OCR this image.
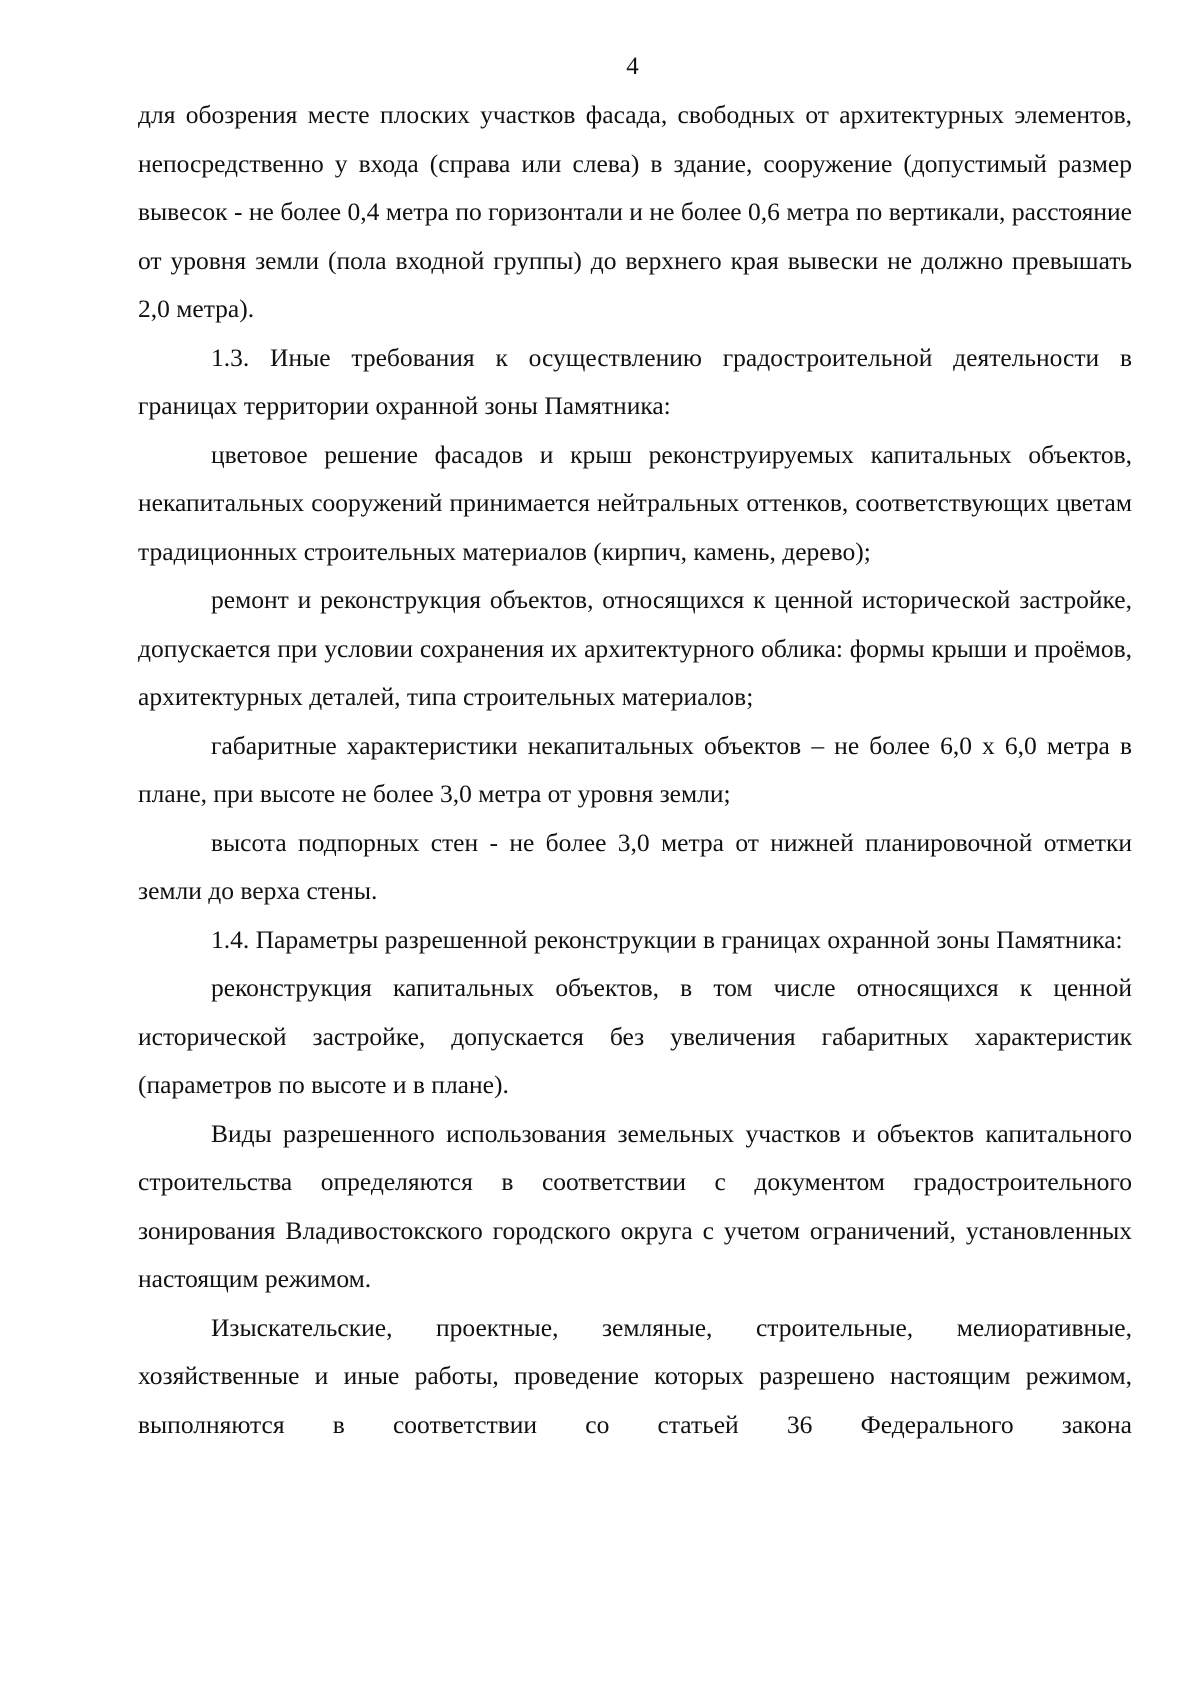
4

для обозрения месте плоских участков фасада, свободных от архитектурных элементов, непосредственно у входа (справа или слева) в здание, сооружение (допустимый размер вывесок - не более 0,4 метра по горизонтали и не более 0,6 метра по вертикали, расстояние от уровня земли (пола входной группы) до верхнего края вывески не должно превышать 2,0 метра).

1.3. Иные требования к осуществлению градостроительной деятельности в границах территории охранной зоны Памятника:

цветовое решение фасадов и крыш реконструируемых капитальных объектов, некапитальных сооружений принимается нейтральных оттенков, соответствующих цветам традиционных строительных материалов (кирпич, камень, дерево);

ремонт и реконструкция объектов, относящихся к ценной исторической застройке, допускается при условии сохранения их архитектурного облика: формы крыши и проёмов, архитектурных деталей, типа строительных материалов;

габаритные характеристики некапитальных объектов – не более 6,0 х 6,0 метра в плане, при высоте не более 3,0 метра от уровня земли;

высота подпорных стен - не более 3,0 метра от нижней планировочной отметки земли до верха стены.

1.4. Параметры разрешенной реконструкции в границах охранной зоны Памятника:

реконструкция капитальных объектов, в том числе относящихся к ценной исторической застройке, допускается без увеличения габаритных характеристик (параметров по высоте и в плане).

Виды разрешенного использования земельных участков и объектов капитального строительства определяются в соответствии с документом градостроительного зонирования Владивостокского городского округа с учетом ограничений, установленных настоящим режимом.

Изыскательские, проектные, земляные, строительные, мелиоративные, хозяйственные и иные работы, проведение которых разрешено настоящим режимом, выполняются в соответствии со статьей 36 Федерального закона
